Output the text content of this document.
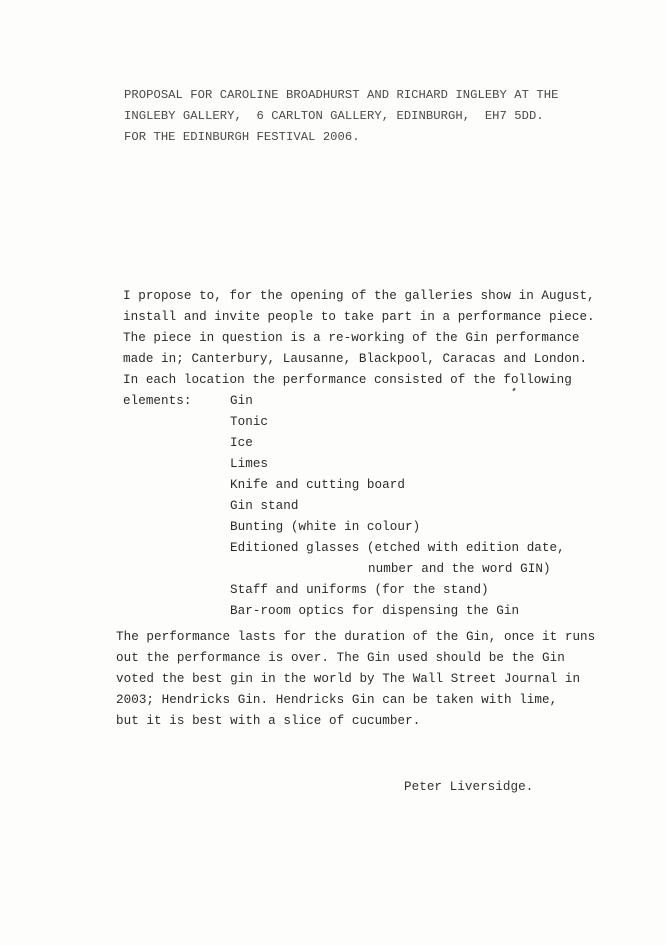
PROPOSAL FOR CAROLINE BROADHURST AND RICHARD INGLEBY AT THE
INGLEBY GALLERY,  6 CARLTON GALLERY, EDINBURGH,  EH7 5DD.
FOR THE EDINBURGH FESTIVAL 2006.
I propose to, for the opening of the galleries show in August,
install and invite people to take part in a performance piece.
The piece in question is a re-working of the Gin performance
made in; Canterbury, Lausanne, Blackpool, Caracas and London.
In each location the performance consisted of the following
elements:	Gin
Tonic
Ice
Limes
Knife and cutting board
Gin stand
Bunting (white in colour)
Editioned glasses (etched with edition date,
number and the word GIN)
Staff and uniforms (for the stand)
Bar-room optics for dispensing the Gin
The performance lasts for the duration of the Gin, once it runs
out the performance is over. The Gin used should be the Gin
voted the best gin in the world by The Wall Street Journal in
2003; Hendricks Gin. Hendricks Gin can be taken with lime,
but it is best with a slice of cucumber.
Peter Liversidge.
